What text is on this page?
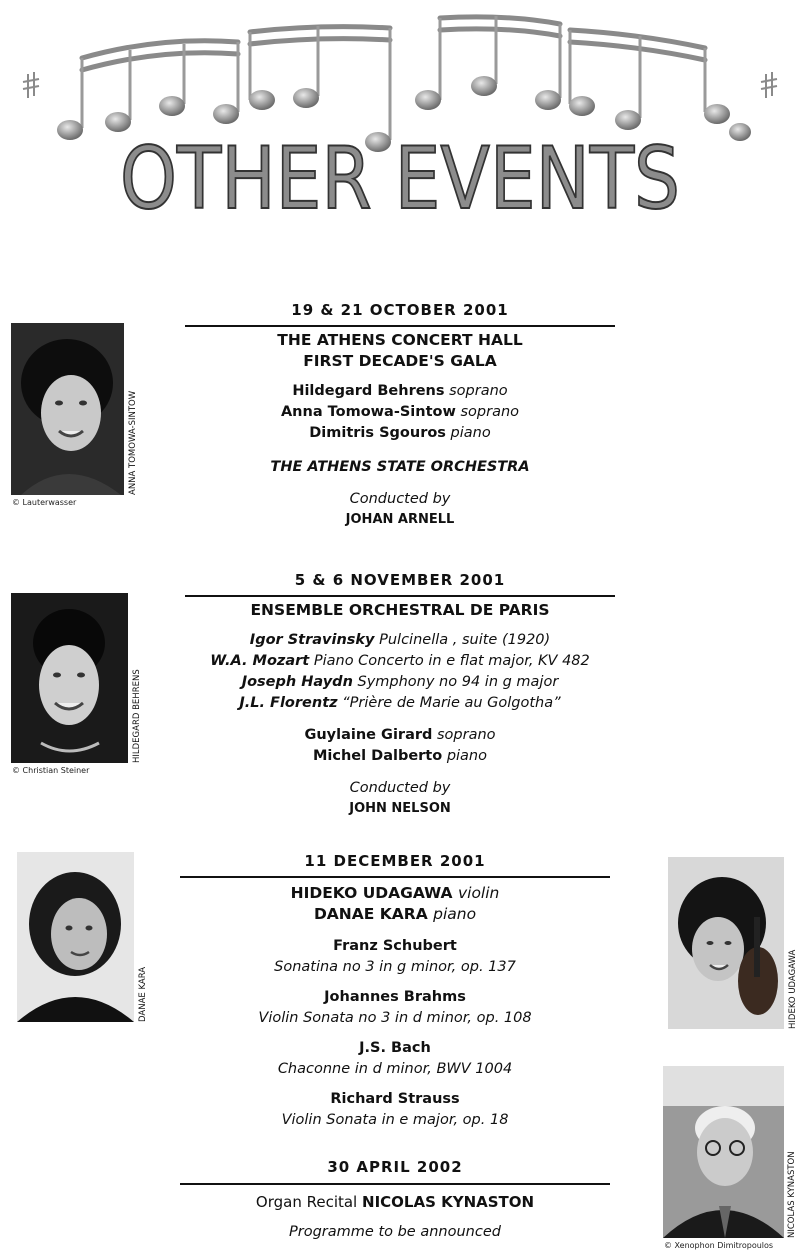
OTHER EVENTS
19 & 21 OCTOBER 2001
THE ATHENS CONCERT HALL
FIRST DECADE'S GALA
Hildegard Behrens soprano
Anna Tomowa-Sintow soprano
Dimitris Sgouros piano
THE ATHENS STATE ORCHESTRA
Conducted by
JOHAN ARNELL
5 & 6 NOVEMBER 2001
ENSEMBLE ORCHESTRAL DE PARIS
Igor Stravinsky Pulcinella , suite (1920)
W.A. Mozart Piano Concerto in e flat major, KV 482
Joseph Haydn Symphony no 94 in g major
J.L. Florentz “Prière de Marie au Golgotha”
Guylaine Girard soprano
Michel Dalberto piano
Conducted by
JOHN NELSON
11 DECEMBER 2001
HIDEKO UDAGAWA violin
DANAE KARA piano
Franz Schubert
Sonatina no 3 in g minor, op. 137
Johannes Brahms
Violin Sonata no 3 in d minor, op. 108
J.S. Bach
Chaconne in d minor, BWV 1004
Richard Strauss
Violin Sonata in e major, op. 18
30 APRIL 2002
Organ Recital NICOLAS KYNASTON
Programme to be announced
ANNA TOMOWA-SINTOW
© Lauterwasser
HILDEGARD BEHRENS
© Christian Steiner
DANAE KARA	HIDEKO UDAGAWA
NICOLAS KYNASTON
© Xenophon Dimitropoulos
